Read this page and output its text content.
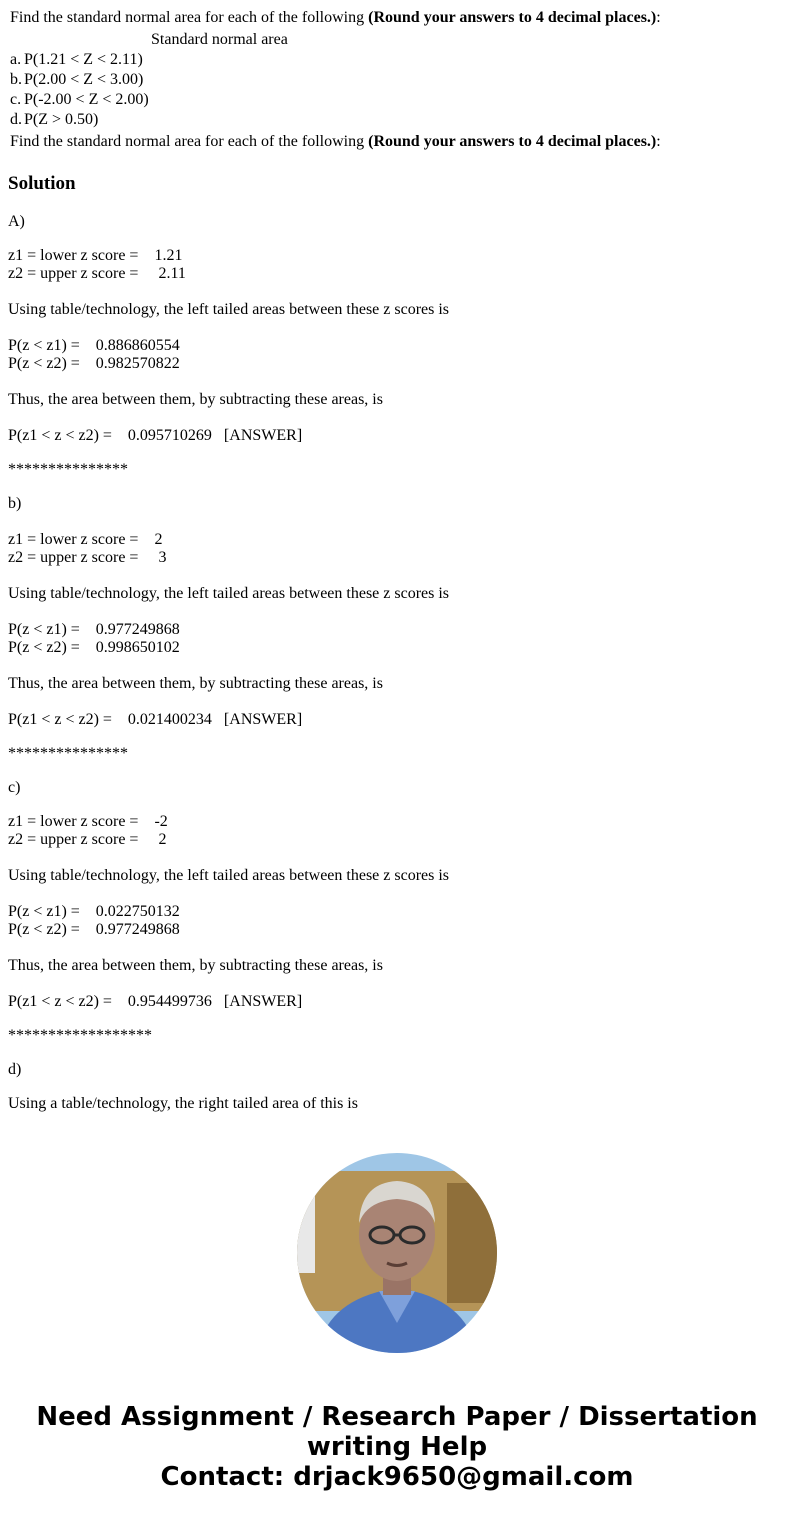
Find the standard normal area for each of the following (Round your answers to 4 decimal places.):
Standard normal area
a. P(1.21 < Z < 2.11)
b. P(2.00 < Z < 3.00)
c. P(-2.00 < Z < 2.00)
d. P(Z > 0.50)
Find the standard normal area for each of the following (Round your answers to 4 decimal places.):
Solution
A)
z1 = lower z score =    1.21
z2 = upper z score =     2.11
Using table/technology, the left tailed areas between these z scores is
P(z < z1) =    0.886860554
P(z < z2) =    0.982570822
Thus, the area between them, by subtracting these areas, is
P(z1 < z < z2) =    0.095710269   [ANSWER]
***************
b)
z1 = lower z score =    2
z2 = upper z score =     3
Using table/technology, the left tailed areas between these z scores is
P(z < z1) =    0.977249868
P(z < z2) =    0.998650102
Thus, the area between them, by subtracting these areas, is
P(z1 < z < z2) =    0.021400234   [ANSWER]
***************
c)
z1 = lower z score =    -2
z2 = upper z score =     2
Using table/technology, the left tailed areas between these z scores is
P(z < z1) =    0.022750132
P(z < z2) =    0.977249868
Thus, the area between them, by subtracting these areas, is
P(z1 < z < z2) =    0.954499736   [ANSWER]
******************
d)
Using a table/technology, the right tailed area of this is
Need Assignment / Research Paper / Dissertation
writing Help
Contact: drjack9650@gmail.com
